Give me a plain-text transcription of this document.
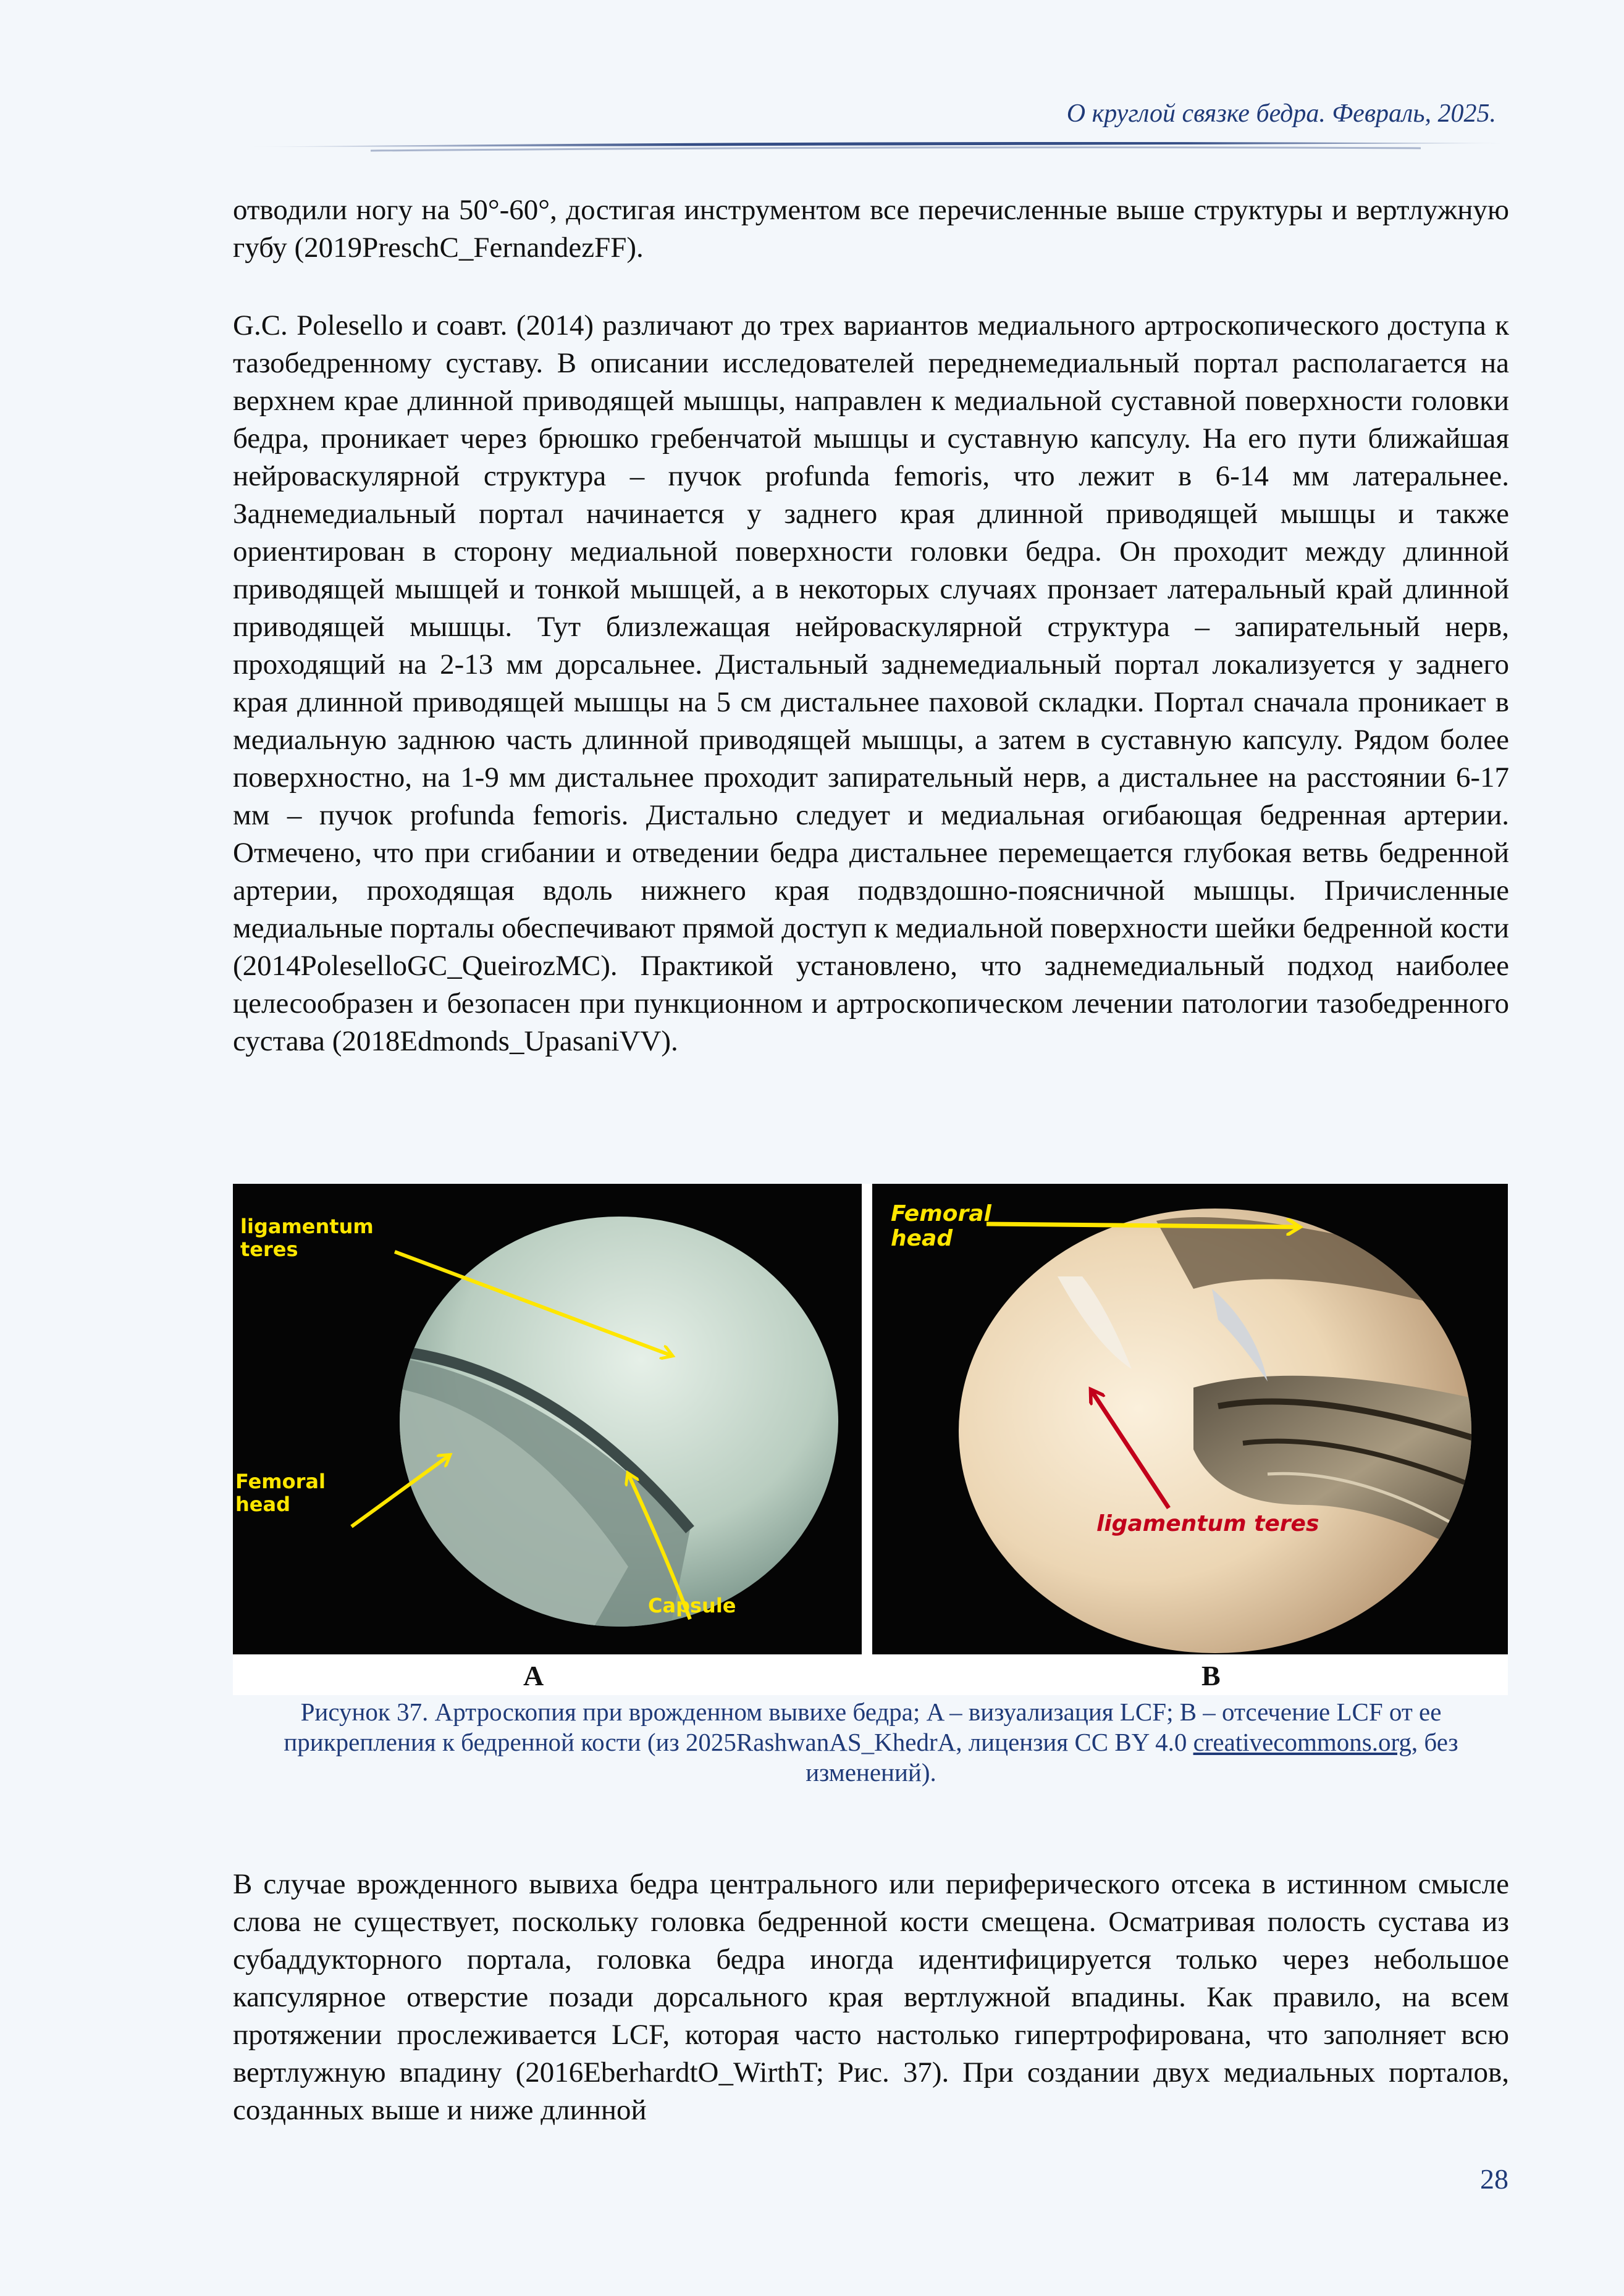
О круглой связке бедра. Февраль, 2025.

отводили ногу на 50°-60°, достигая инструментом все перечисленные выше структуры и вертлужную губу (2019PreschC_FernandezFF).

G.C. Polesello и соавт. (2014) различают до трех вариантов медиального артроскопического доступа к тазобедренному суставу. В описании исследователей переднемедиальный портал располагается на верхнем крае длинной приводящей мышцы, направлен к медиальной суставной поверхности головки бедра, проникает через брюшко гребенчатой мышцы и суставную капсулу. На его пути ближайшая нейроваскулярной структура – пучок profunda femoris, что лежит в 6-14 мм латеральнее. Заднемедиальный портал начинается у заднего края длинной приводящей мышцы и также ориентирован в сторону медиальной поверхности головки бедра. Он проходит между длинной приводящей мышцей и тонкой мышцей, а в некоторых случаях пронзает латеральный край длинной приводящей мышцы. Тут близлежащая нейроваскулярной структура – запирательный нерв, проходящий на 2-13 мм дорсальнее. Дистальный заднемедиальный портал локализуется у заднего края длинной приводящей мышцы на 5 см дистальнее паховой складки. Портал сначала проникает в медиальную заднюю часть длинной приводящей мышцы, а затем в суставную капсулу. Рядом более поверхностно, на 1-9 мм дистальнее проходит запирательный нерв, а дистальнее на расстоянии 6-17 мм – пучок profunda femoris. Дистально следует и медиальная огибающая бедренная артерии. Отмечено, что при сгибании и отведении бедра дистальнее перемещается глубокая ветвь бедренной артерии, проходящая вдоль нижнего края подвздошно-поясничной мышцы. Причисленные медиальные порталы обеспечивают прямой доступ к медиальной поверхности шейки бедренной кости (2014PoleselloGC_QueirozMC). Практикой установлено, что заднемедиальный подход наиболее целесообразен и безопасен при пункционном и артроскопическом лечении патологии тазобедренного сустава (2018Edmonds_UpasaniVV).

ligamentum
teres
Femoral
head
Capsule
Femoral
head
ligamentum teres
A	B

Рисунок 37. Артроскопия при врожденном вывихе бедра; A – визуализация LCF; B – отсечение LCF от ее прикрепления к бедренной кости (из 2025RashwanAS_KhedrA, лицензия CC BY 4.0 creativecommons.org, без изменений).

В случае врожденного вывиха бедра центрального или периферического отсека в истинном смысле слова не существует, поскольку головка бедренной кости смещена. Осматривая полость сустава из субаддукторного портала, головка бедра иногда идентифицируется только через небольшое капсулярное отверстие позади дорсального края вертлужной впадины. Как правило, на всем протяжении прослеживается LCF, которая часто настолько гипертрофирована, что заполняет всю вертлужную впадину (2016EberhardtO_WirthT; Рис. 37). При создании двух медиальных порталов, созданных выше и ниже длинной

28
